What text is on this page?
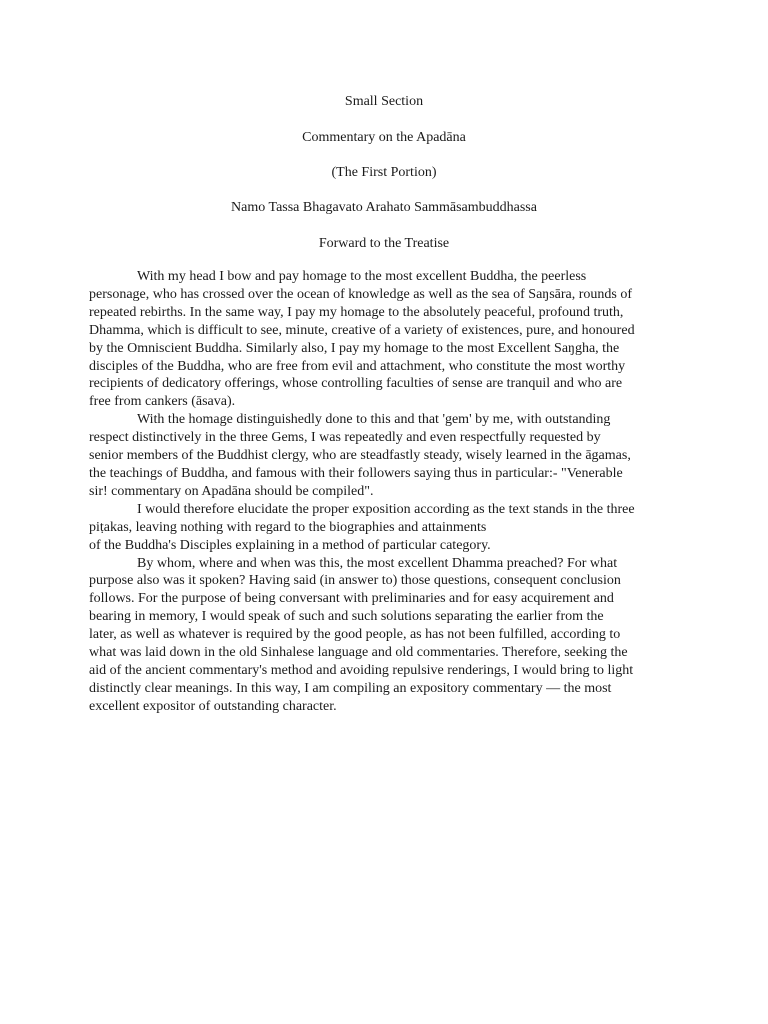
Small Section

Commentary on the Apadāna

(The First Portion)

Namo Tassa Bhagavato Arahato Sammāsambuddhassa

Forward to the Treatise

With my head I bow and pay homage to the most excellent Buddha, the peerless
personage, who has crossed over the ocean of knowledge as well as the sea of Saŋsāra, rounds of
repeated rebirths. In the same way, I pay my homage to the absolutely peaceful, profound truth,
Dhamma, which is difficult to see, minute, creative of a variety of existences, pure, and honoured
by the Omniscient Buddha. Similarly also, I pay my homage to the most Excellent Saŋgha, the
disciples of the Buddha, who are free from evil and attachment, who constitute the most worthy
recipients of dedicatory offerings, whose controlling faculties of sense are tranquil and who are
free from cankers (āsava).
With the homage distinguishedly done to this and that 'gem' by me, with outstanding
respect distinctively in the three Gems, I was repeatedly and even respectfully requested by
senior members of the Buddhist clergy, who are steadfastly steady, wisely learned in the āgamas,
the teachings of Buddha, and famous with their followers saying thus in particular:- "Venerable
sir! commentary on Apadāna should be compiled".
I would therefore elucidate the proper exposition according as the text stands in the three
piṭakas, leaving nothing with regard to the biographies and attainments
of the Buddha's Disciples explaining in a method of particular category.
By whom, where and when was this, the most excellent Dhamma preached? For what
purpose also was it spoken? Having said (in answer to) those questions, consequent conclusion
follows. For the purpose of being conversant with preliminaries and for easy acquirement and
bearing in memory, I would speak of such and such solutions separating the earlier from the
later, as well as whatever is required by the good people, as has not been fulfilled, according to
what was laid down in the old Sinhalese language and old commentaries. Therefore, seeking the
aid of the ancient commentary's method and avoiding repulsive renderings, I would bring to light
distinctly clear meanings. In this way, I am compiling an expository commentary — the most
excellent expositor of outstanding character.
